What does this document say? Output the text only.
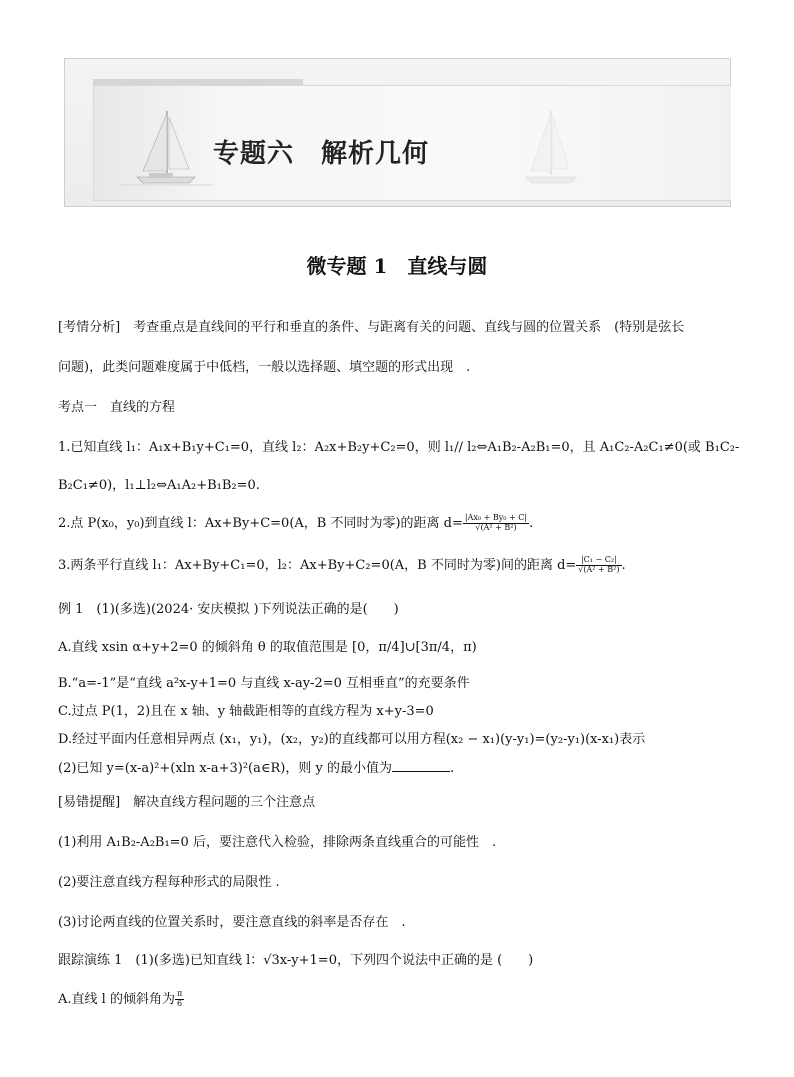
专题六　解析几何
微专题 1　直线与圆
[考情分析]　考查重点是直线间的平行和垂直的条件、与距离有关的问题、直线与圆的位置关系　(特别是弦长
问题)，此类问题难度属于中低档，一般以选择题、填空题的形式出现　.
考点一　直线的方程
1.已知直线 l₁：A₁x+B₁y+C₁=0，直线 l₂：A₂x+B₂y+C₂=0，则 l₁// l₂⇔A₁B₂-A₂B₁=0，且 A₁C₂-A₂C₁≠0(或 B₁C₂-
B₂C₁≠0)，l₁⊥l₂⇔A₁A₂+B₁B₂=0.
2.点 P(x₀，y₀)到直线 l：Ax+By+C=0(A，B 不同时为零)的距离 $d= \frac{\text{|Ax₀ + By₀ + C|}}{\text{√(A² + B²)}}$ .
3.两条平行直线 l₁：Ax+By+C₁=0，l₂：Ax+By+C₂=0(A，B 不同时为零)间的距离 $d= \frac{\text{|C₁ − C₂|}}{\text{√(A² + B²)}}$ .
例 1　(1)(多选)(2024· 安庆模拟 )下列说法正确的是(　　)
A.直线 xsin α+y+2=0 的倾斜角 θ 的取值范围是 [0，π/4]∪[3π/4，π)
B.“a=-1”是“直线 a²x-y+1=0 与直线 x-ay-2=0 互相垂直”的充要条件
C.过点 P(1，2)且在 x 轴、y 轴截距相等的直线方程为 x+y-3=0
D.经过平面内任意相异两点 (x₁，y₁)，(x₂，y₂)的直线都可以用方程(x₂ − x₁)(y-y₁)=(y₂-y₁)(x-x₁)表示
(2)已知 y=(x-a)²+(xln x-a+3)²(a∈R)，则 y 的最小值为	.
[易错提醒]　解决直线方程问题的三个注意点
(1)利用 A₁B₂-A₂B₁=0 后，要注意代入检验，排除两条直线重合的可能性　.
(2)要注意直线方程每种形式的局限性 .
(3)讨论两直线的位置关系时，要注意直线的斜率是否存在　.
跟踪演练 1　(1)(多选)已知直线 l：√3x-y+1=0，下列四个说法中正确的是 (　　)
A.直线 l 的倾斜角为 $\frac{\pi}{6}$
